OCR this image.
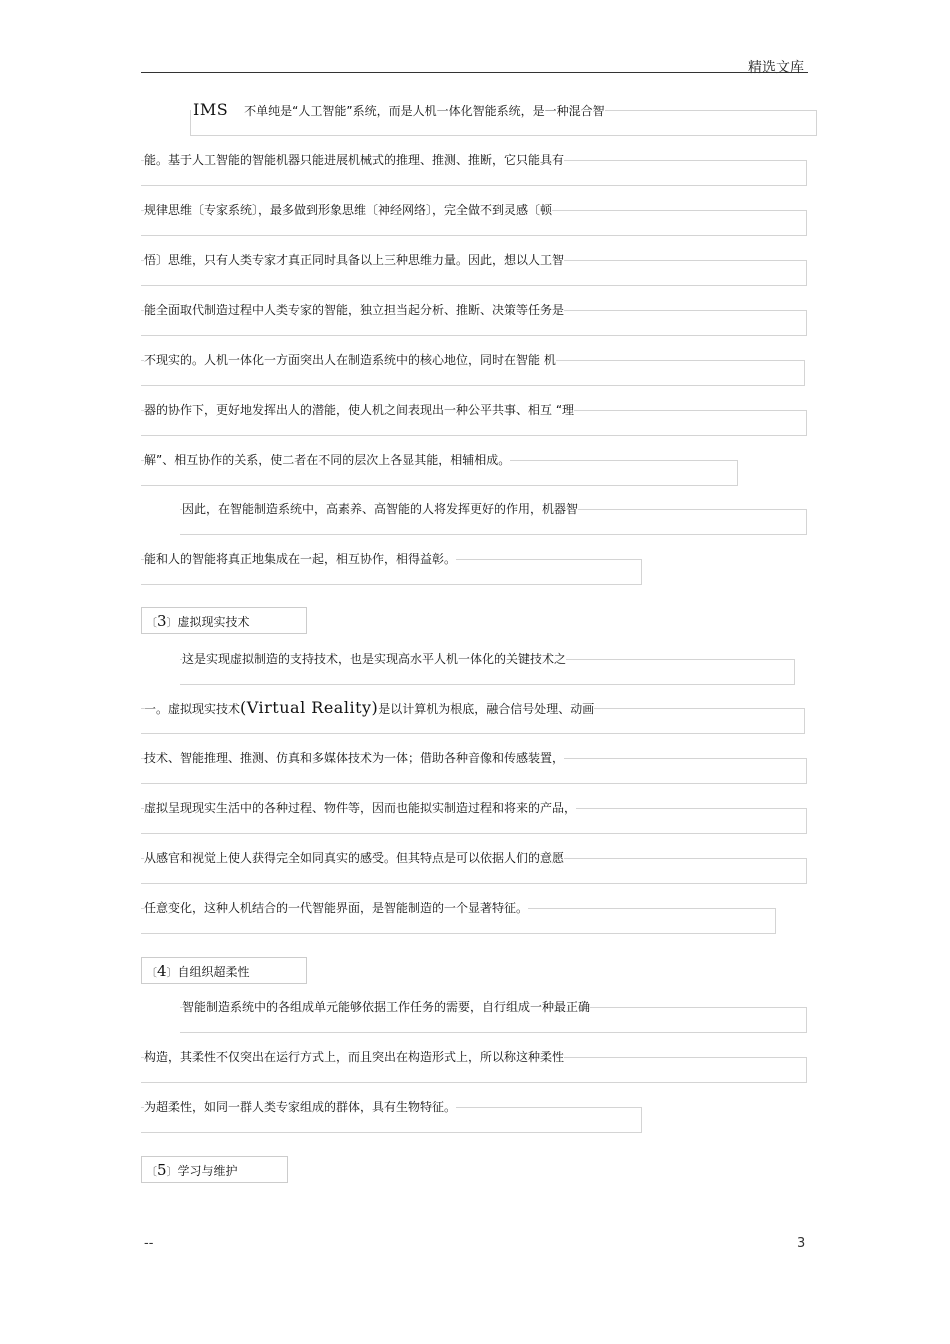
精选文库
IMS 不单纯是“人工智能”系统，而是人机一体化智能系统，是一种混合智
能。基于人工智能的智能机器只能进展机械式的推理、推测、推断，它只能具有
规律思维〔专家系统〕，最多做到形象思维〔神经网络〕，完全做不到灵感〔顿
悟〕思维，只有人类专家才真正同时具备以上三种思维力量。因此，想以人工智
能全面取代制造过程中人类专家的智能，独立担当起分析、推断、决策等任务是
不现实的。人机一体化一方面突出人在制造系统中的核心地位，同时在智能 机
器的协作下，更好地发挥出人的潜能，使人机之间表现出一种公平共事、相互 “理
解”、相互协作的关系，使二者在不同的层次上各显其能，相辅相成。
因此，在智能制造系统中，高素养、高智能的人将发挥更好的作用，机器智
能和人的智能将真正地集成在一起，相互协作，相得益彰。
〔3〕虚拟现实技术
这是实现虚拟制造的支持技术，也是实现高水平人机一体化的关键技术之
一。虚拟现实技术(Virtual Reality)是以计算机为根底，融合信号处理、动画
技术、智能推理、推测、仿真和多媒体技术为一体；借助各种音像和传感装置，
虚拟呈现现实生活中的各种过程、物件等，因而也能拟实制造过程和将来的产品，
从感官和视觉上使人获得完全如同真实的感受。但其特点是可以依据人们的意愿
任意变化，这种人机结合的一代智能界面，是智能制造的一个显著特征。
〔4〕自组织超柔性
智能制造系统中的各组成单元能够依据工作任务的需要，自行组成一种最正确
构造，其柔性不仅突出在运行方式上，而且突出在构造形式上，所以称这种柔性
为超柔性，如同一群人类专家组成的群体，具有生物特征。
〔5〕学习与维护
--	3
